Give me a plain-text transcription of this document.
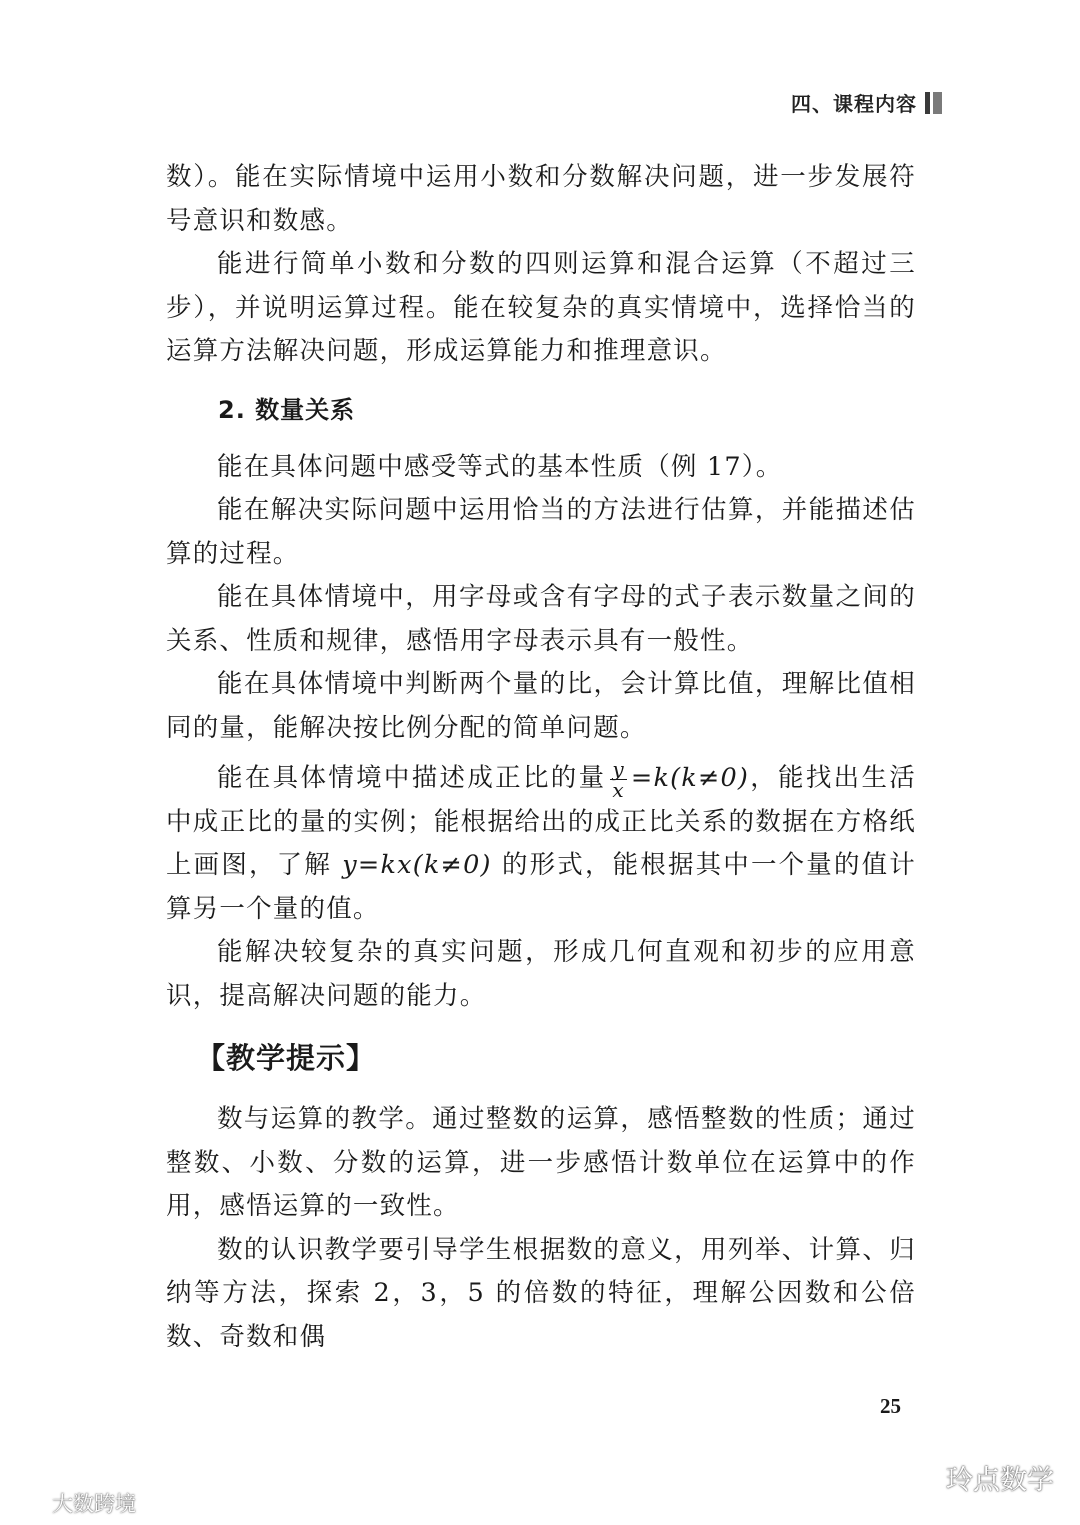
四、课程内容

数）。能在实际情境中运用小数和分数解决问题，进一步发展符号意识和数感。

能进行简单小数和分数的四则运算和混合运算（不超过三步），并说明运算过程。能在较复杂的真实情境中，选择恰当的运算方法解决问题，形成运算能力和推理意识。

2. 数量关系

能在具体问题中感受等式的基本性质（例 17）。

能在解决实际问题中运用恰当的方法进行估算，并能描述估算的过程。

能在具体情境中，用字母或含有字母的式子表示数量之间的关系、性质和规律，感悟用字母表示具有一般性。

能在具体情境中判断两个量的比，会计算比值，理解比值相同的量，能解决按比例分配的简单问题。

能在具体情境中描述成正比的量 $\frac{y}{x} =k(k\ne 0)$，能找出生活中成正比的量的实例；能根据给出的成正比关系的数据在方格纸上画图，了解 y=kx(k≠0) 的形式，能根据其中一个量的值计算另一个量的值。

能解决较复杂的真实问题，形成几何直观和初步的应用意识，提高解决问题的能力。

【教学提示】

数与运算的教学。通过整数的运算，感悟整数的性质；通过整数、小数、分数的运算，进一步感悟计数单位在运算中的作用，感悟运算的一致性。

数的认识教学要引导学生根据数的意义，用列举、计算、归纳等方法，探索 2，3，5 的倍数的特征，理解公因数和公倍数、奇数和偶

25
大数跨境
玲点数学
